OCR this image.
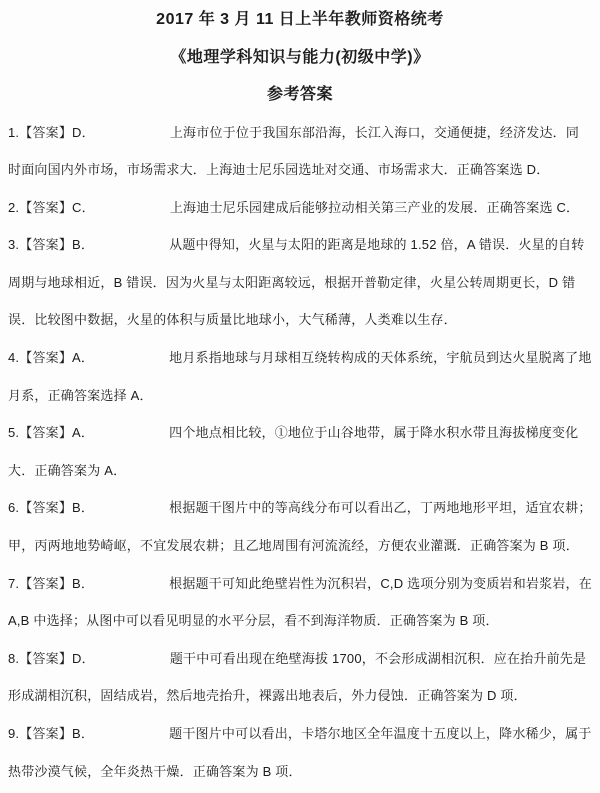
2017 年 3 月 11 日上半年教师资格统考
《地理学科知识与能力(初级中学)》
参考答案

1.【答案】D．	上海市位于位于我国东部沿海，长江入海口，交通便捷，经济发达．同时面向国内外市场，市场需求大．上海迪士尼乐园选址对交通、市场需求大．正确答案选 D．

2.【答案】C．	上海迪士尼乐园建成后能够拉动相关第三产业的发展．正确答案选 C．

3.【答案】B．	从题中得知，火星与太阳的距离是地球的 1.52 倍，A 错误．火星的自转周期与地球相近，B 错误．因为火星与太阳距离较远，根据开普勒定律，火星公转周期更长，D 错误．比较图中数据，火星的体积与质量比地球小，大气稀薄，人类难以生存．

4.【答案】A．	地月系指地球与月球相互绕转构成的天体系统，宇航员到达火星脱离了地月系，正确答案选择 A．

5.【答案】A．	四个地点相比较，①地位于山谷地带，属于降水积水带且海拔梯度变化大．正确答案为 A．

6.【答案】B．	根据题干图片中的等高线分布可以看出乙，丁两地地形平坦，适宜农耕；甲，丙两地地势崎岖，不宜发展农耕；且乙地周围有河流流经，方便农业灌溉．正确答案为 B 项．

7.【答案】B．	根据题干可知此绝壁岩性为沉积岩，C,D 选项分别为变质岩和岩浆岩，在 A,B 中选择；从图中可以看见明显的水平分层，看不到海洋物质．正确答案为 B 项．

8.【答案】D．	题干中可看出现在绝壁海拔 1700，不会形成湖相沉积．应在抬升前先是形成湖相沉积，固结成岩，然后地壳抬升，裸露出地表后，外力侵蚀．正确答案为 D 项．

9.【答案】B．	题干图片中可以看出，卡塔尔地区全年温度十五度以上，降水稀少，属于热带沙漠气候，全年炎热干燥．正确答案为 B 项．
